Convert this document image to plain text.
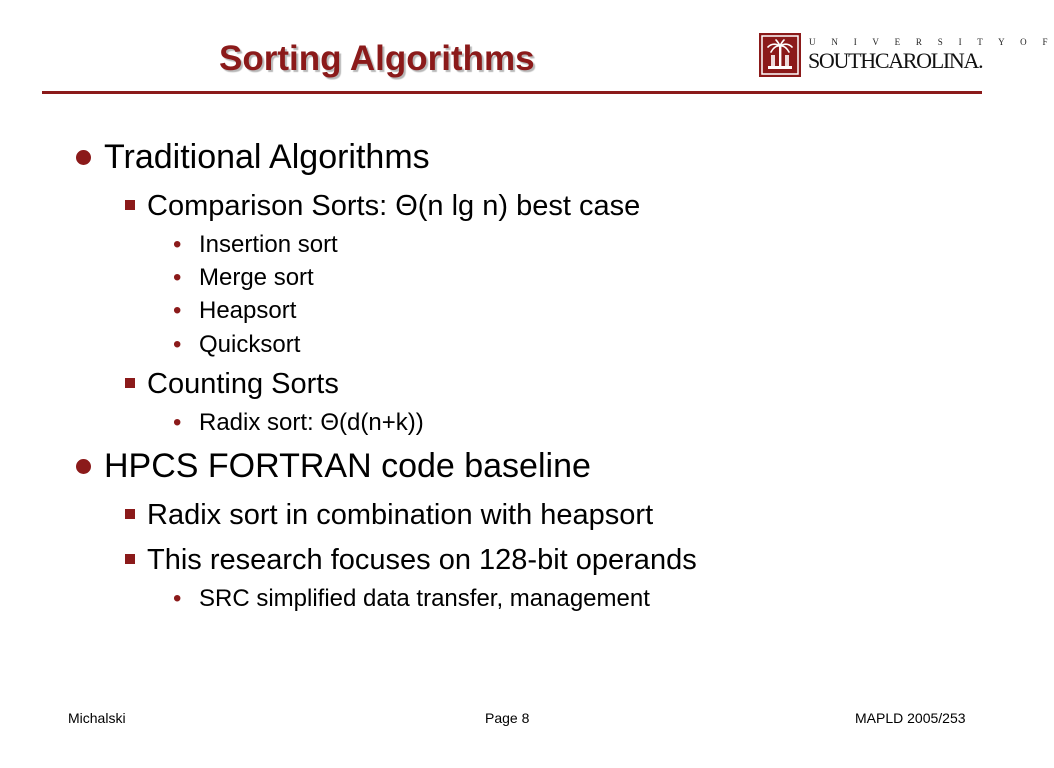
Sorting Algorithms	U N I V E R S I T Y O F
SOUTHCAROLINA.
Traditional Algorithms
Comparison Sorts: Θ(n lg n) best case
• Insertion sort
• Merge sort
• Heapsort
• Quicksort
Counting Sorts
• Radix sort: Θ(d(n+k))
HPCS FORTRAN code baseline
Radix sort in combination with heapsort
This research focuses on 128-bit operands
• SRC simplified data transfer, management
Michalski	Page 8	MAPLD 2005/253
